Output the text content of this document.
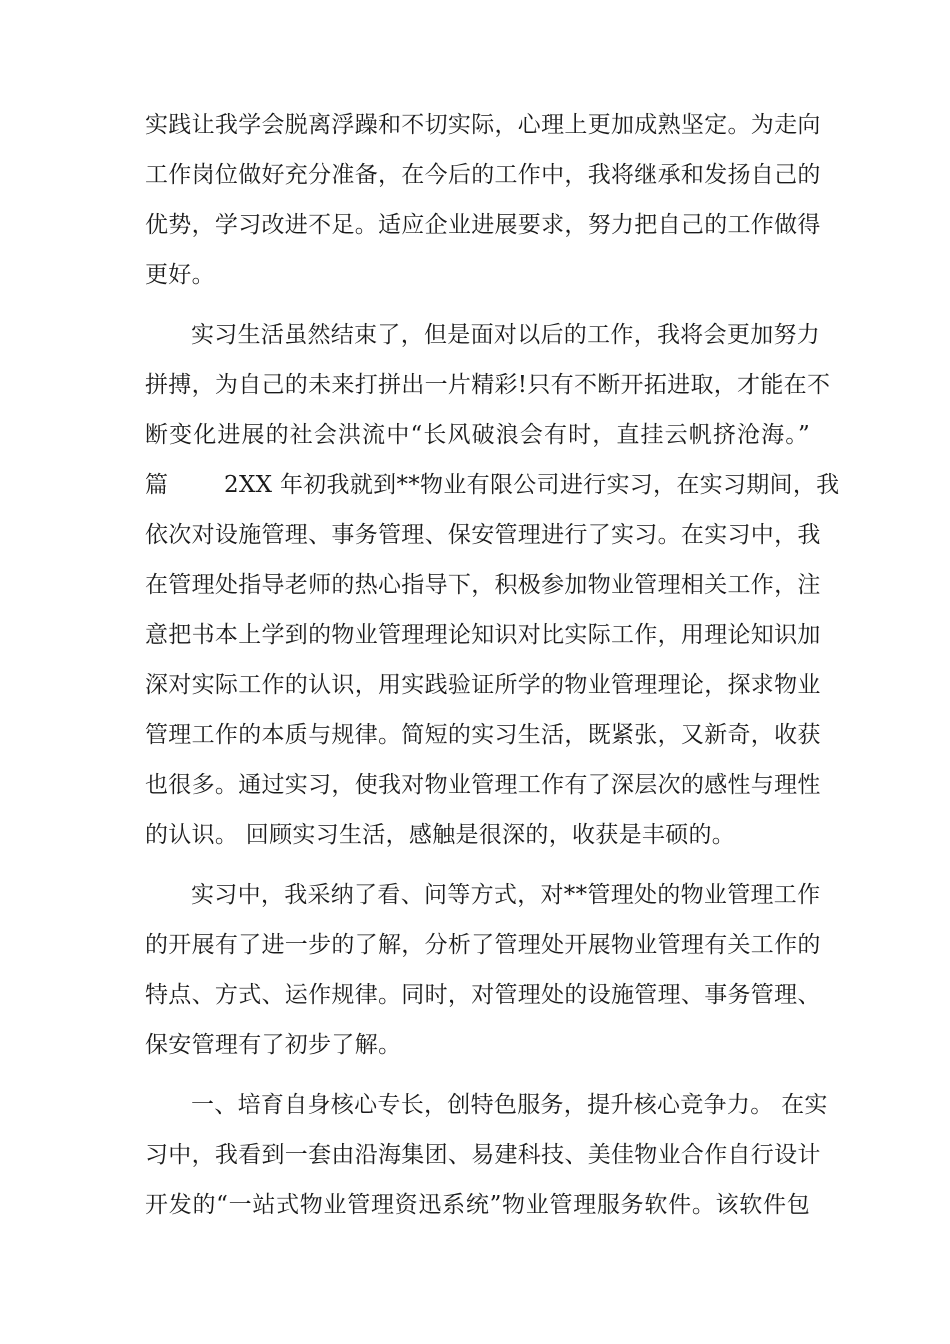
实践让我学会脱离浮躁和不切实际，心理上更加成熟坚定。为走向
工作岗位做好充分准备，在今后的工作中，我将继承和发扬自己的
优势，学习改进不足。适应企业进展要求，努力把自己的工作做得
更好。
实习生活虽然结束了，但是面对以后的工作，我将会更加努力
拼搏，为自己的未来打拼出一片精彩!只有不断开拓进取，才能在不
断变化进展的社会洪流中“长风破浪会有时，直挂云帆挤沧海。”
篇 2XX 年初我就到**物业有限公司进行实习，在实习期间，我
依次对设施管理、事务管理、保安管理进行了实习。在实习中，我
在管理处指导老师的热心指导下，积极参加物业管理相关工作，注
意把书本上学到的物业管理理论知识对比实际工作，用理论知识加
深对实际工作的认识，用实践验证所学的物业管理理论，探求物业
管理工作的本质与规律。简短的实习生活，既紧张，又新奇，收获
也很多。通过实习，使我对物业管理工作有了深层次的感性与理性
的认识。 回顾实习生活，感触是很深的，收获是丰硕的。
实习中，我采纳了看、问等方式，对**管理处的物业管理工作
的开展有了进一步的了解，分析了管理处开展物业管理有关工作的
特点、方式、运作规律。同时，对管理处的设施管理、事务管理、
保安管理有了初步了解。
一、培育自身核心专长，创特色服务，提升核心竞争力。 在实
习中，我看到一套由沿海集团、易建科技、美佳物业合作自行设计
开发的“一站式物业管理资迅系统”物业管理服务软件。该软件包
